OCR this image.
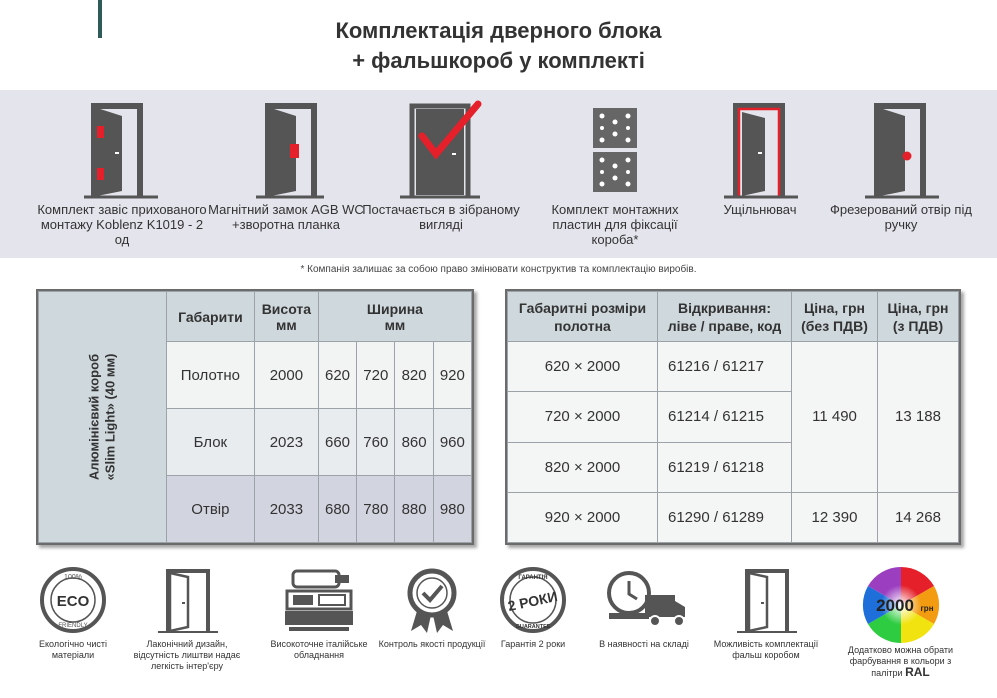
Комплектація дверного блока
+ фальшкороб у комплекті
Комплект завіс прихованого монтажу Koblenz K1019 - 2 од
Магнітний замок AGB WC +зворотна планка
Постачається в зібраному вигляді
Комплект монтажних пластин для фіксації короба*
Ущільнювач	Фрезерований отвір під ручку
* Компанія залишає за собою право змінювати конструктив та комплектацію виробів.
Алюмінієвий короб
«Slim Light» (40 мм)	Габарити	Висота
мм	Ширина
мм			

	Полотно	2000	620	720	820	920
	Блок	2023	660	760	860	960
	Отвір	2033	680	780	880	980
Габаритні розміри
полотна	Відкривання:
ліве / праве, код	Ціна, грн
(без ПДВ)	Ціна, грн
(з ПДВ)
620 × 2000	61216 / 61217	11 490	13 188
720 × 2000	61214 / 61215		
820 × 2000	61219 / 61218		
920 × 2000	61290 / 61289	12 390	14 268
100%
ECO
FRIENDLY
Екологічно чисті матеріали
Лаконічний дизайн, відсутність лиштви надає легкість інтер'єру
Високоточне італійське обладнання
Контроль якості продукції
ГАРАНТІЯ
2 РОКИ
GUARANTEE
Гарантія 2 роки	В наявності на складі	Можливість комплектації фальш коробом
2000 грн
Додатково можна обрати фарбування в кольори з палітри RAL
